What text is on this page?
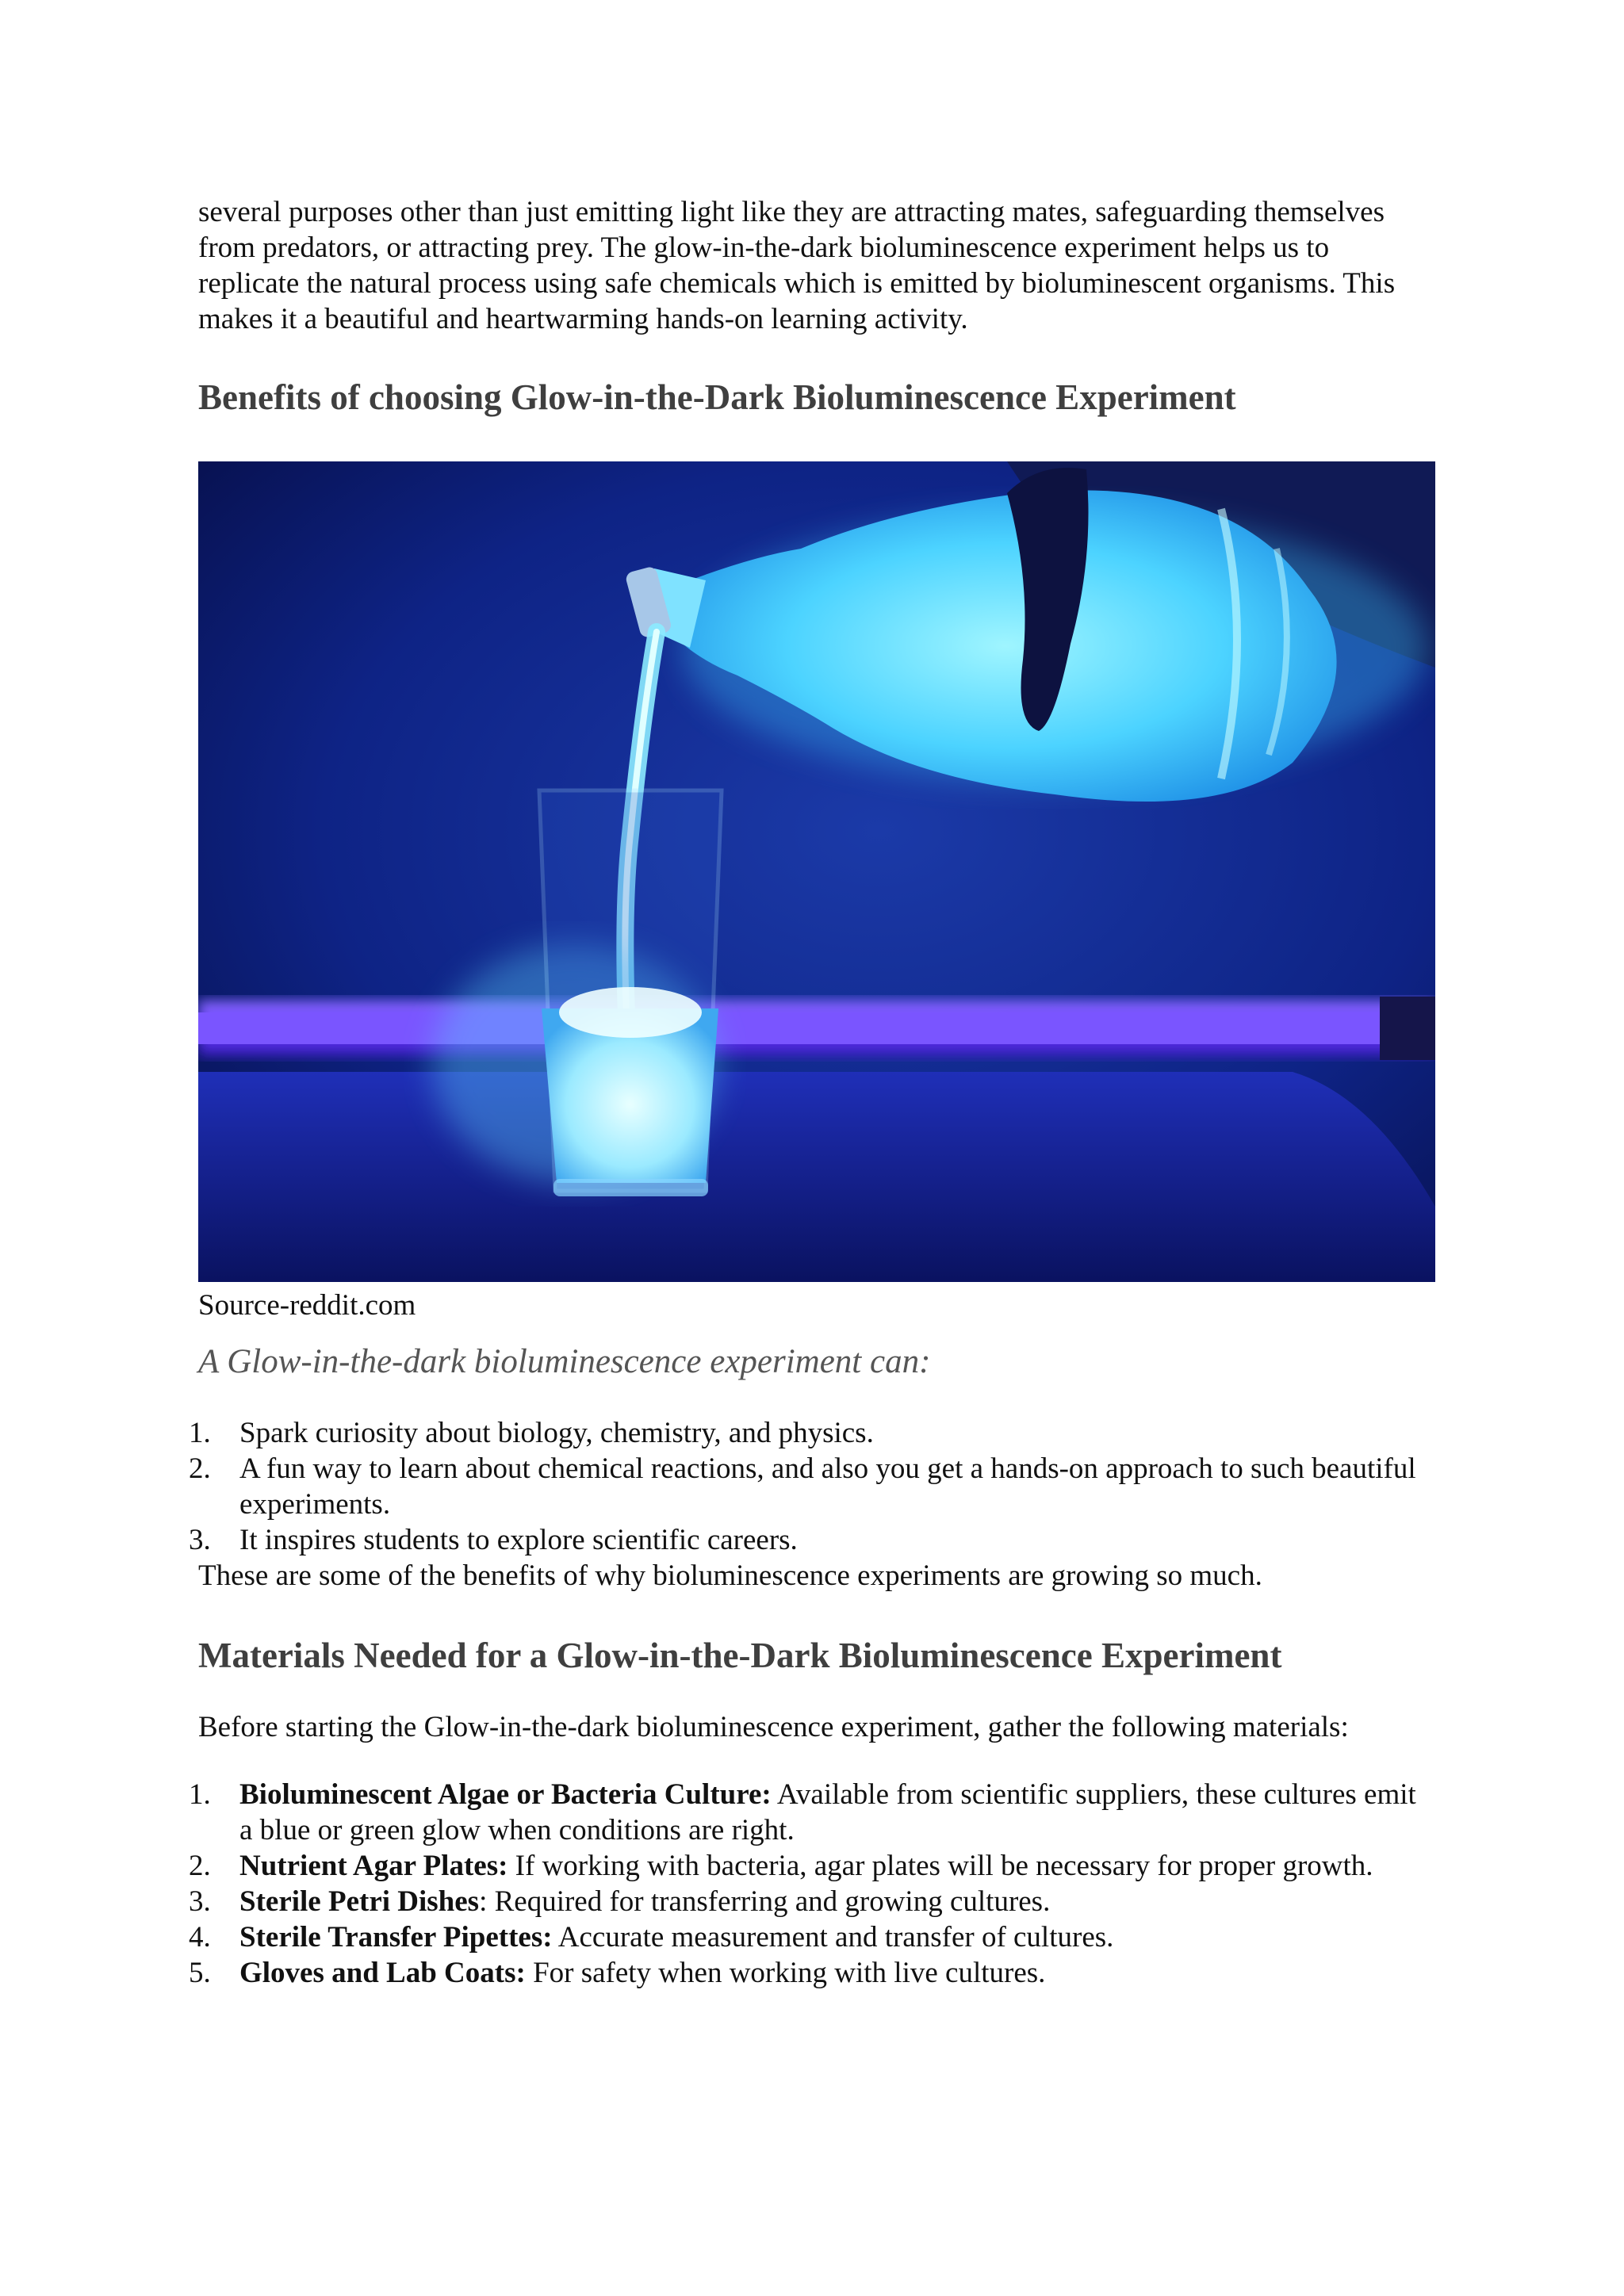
several purposes other than just emitting light like they are attracting mates, safeguarding themselves from predators, or attracting prey. The glow-in-the-dark bioluminescence experiment helps us to replicate the natural process using safe chemicals which is emitted by bioluminescent organisms. This makes it a beautiful and heartwarming hands-on learning activity.

Benefits of choosing Glow-in-the-Dark Bioluminescence Experiment

Source-reddit.com

A Glow-in-the-dark bioluminescence experiment can:
1. Spark curiosity about biology, chemistry, and physics.
2. A fun way to learn about chemical reactions, and also you get a hands-on approach to such beautiful experiments.
3. It inspires students to explore scientific careers.

These are some of the benefits of why bioluminescence experiments are growing so much.

Materials Needed for a Glow-in-the-Dark Bioluminescence Experiment

Before starting the Glow-in-the-dark bioluminescence experiment, gather the following materials:

1. Bioluminescent Algae or Bacteria Culture: Available from scientific suppliers, these cultures emit a blue or green glow when conditions are right.
2. Nutrient Agar Plates: If working with bacteria, agar plates will be necessary for proper growth.
3. Sterile Petri Dishes: Required for transferring and growing cultures.
4. Sterile Transfer Pipettes: Accurate measurement and transfer of cultures.
5. Gloves and Lab Coats: For safety when working with live cultures.
